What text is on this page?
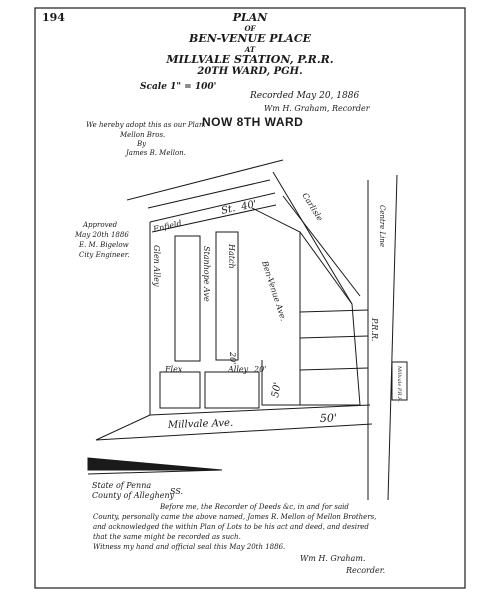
194	PLAN
OF
BEN-VENUE PLACE
AT
MILLVALE STATION, P.R.R.
20TH WARD, PGH.
Scale 1" = 100'
Recorded May 20, 1886
Wm H. Graham, Recorder
NOW 8TH WARD
We hereby adopt this as our Plan.
Mellon Bros.
By
James B. Mellon.
Approved
May 20th 1886
E. M. Bigelow
City Engineer.
St. 40'
Enfield
Carlisle	Centre Line
P.R.R.
Glen Alley	Stanhope Ave Hatch
Ben-Venue Ave.
Flex	Alley 20'
50'
20'
Millvale Ave.	50'
Millvale P.R.R.
State of Penna
County of Allegheny
SS.
Before me, the Recorder of Deeds &c, in and for said
County, personally came the above named, James R. Mellon of Mellon Brothers,
and acknowledged the within Plan of Lots to be his act and deed, and desired
that the same might be recorded as such.
Witness my hand and official seal this May 20th 1886.
Wm H. Graham.
Recorder.
